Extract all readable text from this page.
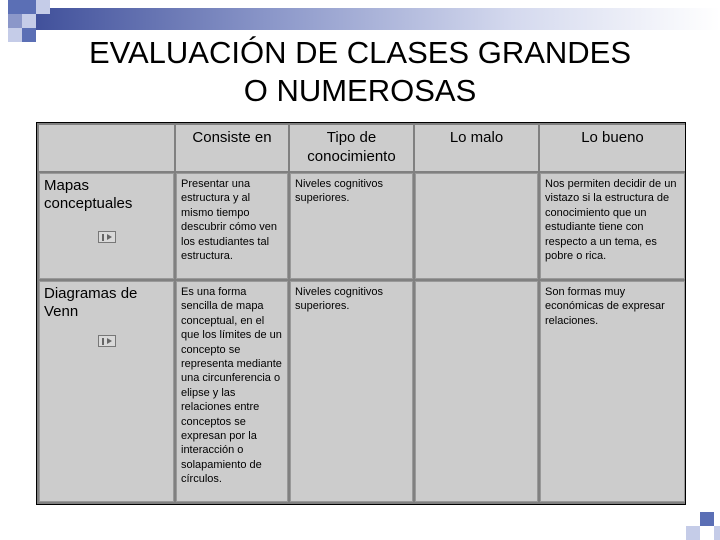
EVALUACIÓN DE CLASES GRANDES
O NUMEROSAS
	Consiste en	Tipo de conocimiento	Lo malo	Lo bueno

Mapas conceptuales	Presentar una estructura y al mismo tiempo descubrir cómo ven los estudiantes tal estructura.	Niveles cognitivos superiores.		Nos permiten decidir de un vistazo si la estructura de conocimiento que un estudiante tiene con respecto a un tema, es pobre o rica.

Diagramas de Venn	Es una forma sencilla de mapa conceptual, en el que los límites de un concepto se representa mediante una circunferencia o elipse y las relaciones entre conceptos se expresan por la interacción o solapamiento de círculos.	Niveles cognitivos superiores.		Son formas muy económicas de expresar relaciones.
